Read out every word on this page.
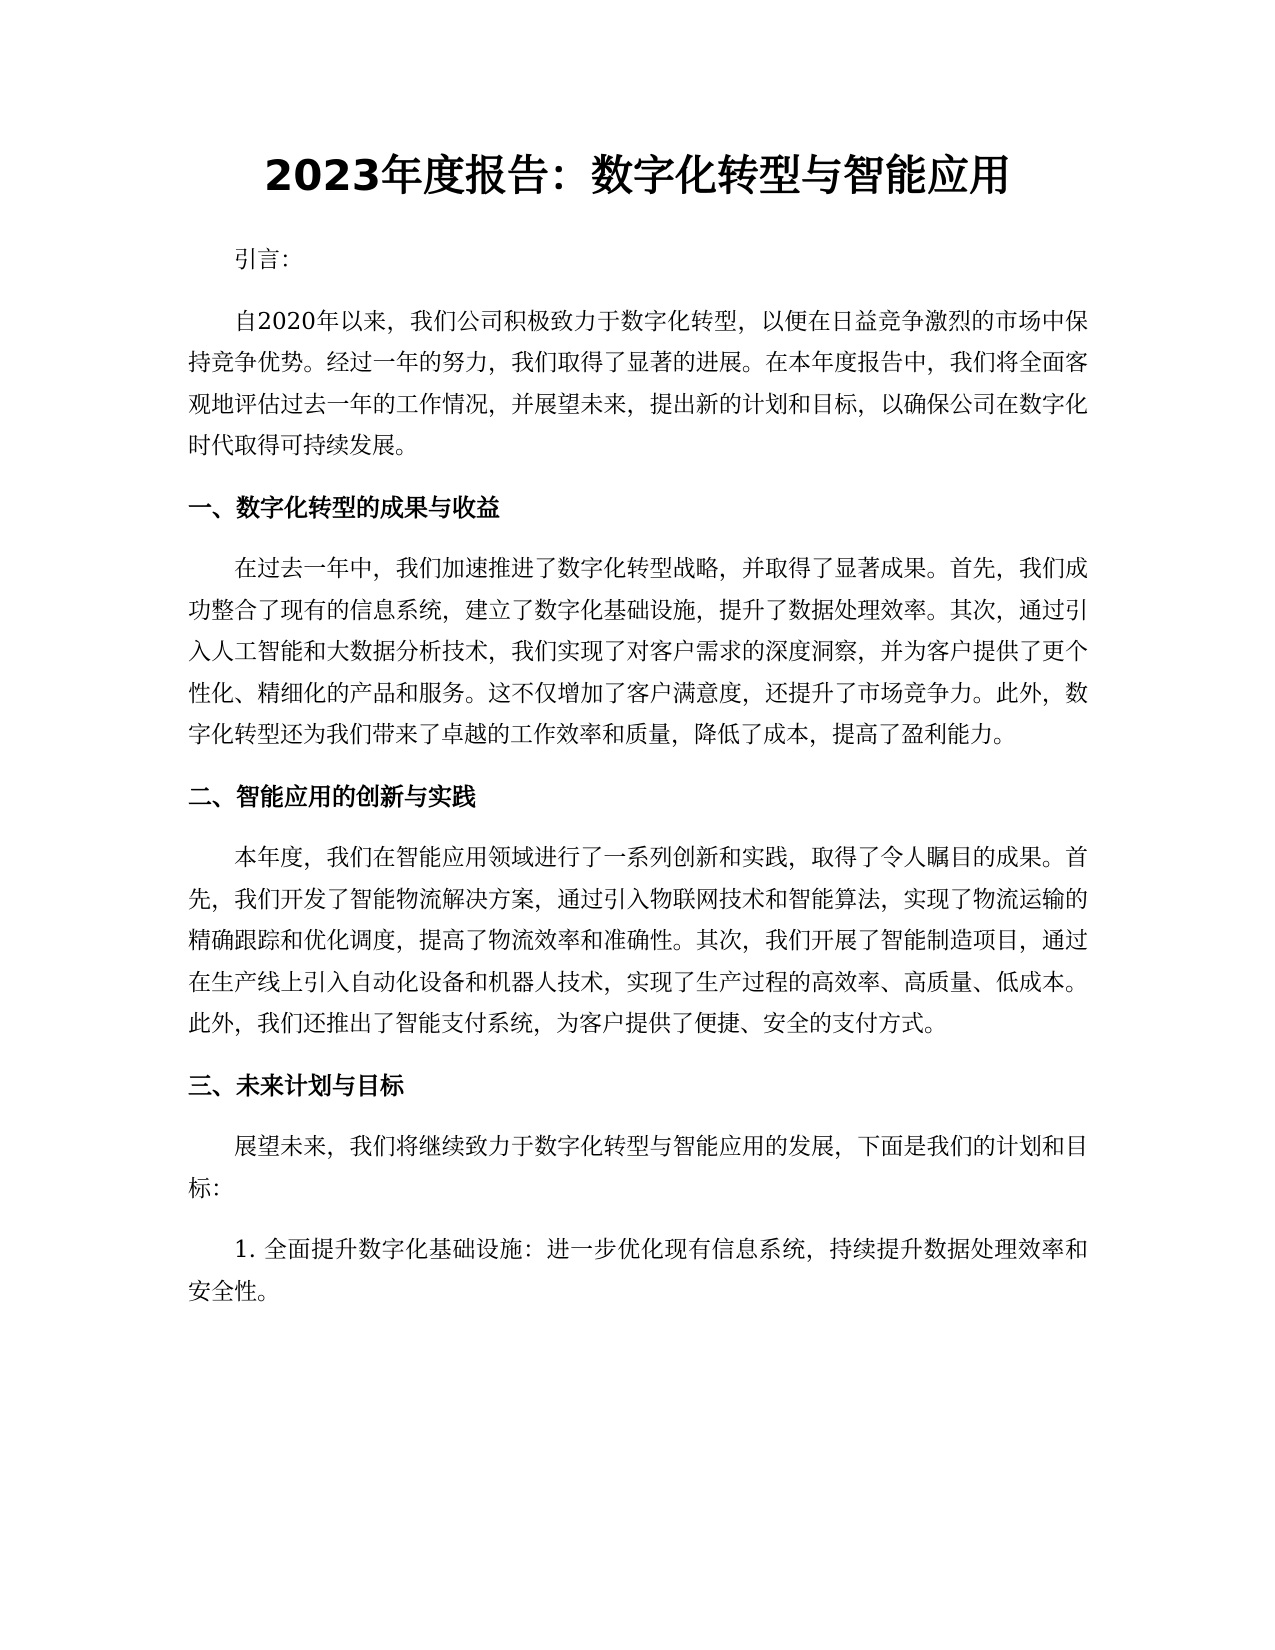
2023年度报告：数字化转型与智能应用

引言：

自2020年以来，我们公司积极致力于数字化转型，以便在日益竞争激烈的市场中保持竞争优势。经过一年的努力，我们取得了显著的进展。在本年度报告中，我们将全面客观地评估过去一年的工作情况，并展望未来，提出新的计划和目标，以确保公司在数字化时代取得可持续发展。

一、数字化转型的成果与收益

在过去一年中，我们加速推进了数字化转型战略，并取得了显著成果。首先，我们成功整合了现有的信息系统，建立了数字化基础设施，提升了数据处理效率。其次，通过引入人工智能和大数据分析技术，我们实现了对客户需求的深度洞察，并为客户提供了更个性化、精细化的产品和服务。这不仅增加了客户满意度，还提升了市场竞争力。此外，数字化转型还为我们带来了卓越的工作效率和质量，降低了成本，提高了盈利能力。

二、智能应用的创新与实践

本年度，我们在智能应用领域进行了一系列创新和实践，取得了令人瞩目的成果。首先，我们开发了智能物流解决方案，通过引入物联网技术和智能算法，实现了物流运输的精确跟踪和优化调度，提高了物流效率和准确性。其次，我们开展了智能制造项目，通过在生产线上引入自动化设备和机器人技术，实现了生产过程的高效率、高质量、低成本。此外，我们还推出了智能支付系统，为客户提供了便捷、安全的支付方式。

三、未来计划与目标

展望未来，我们将继续致力于数字化转型与智能应用的发展，下面是我们的计划和目标：

1. 全面提升数字化基础设施：进一步优化现有信息系统，持续提升数据处理效率和安全性。
